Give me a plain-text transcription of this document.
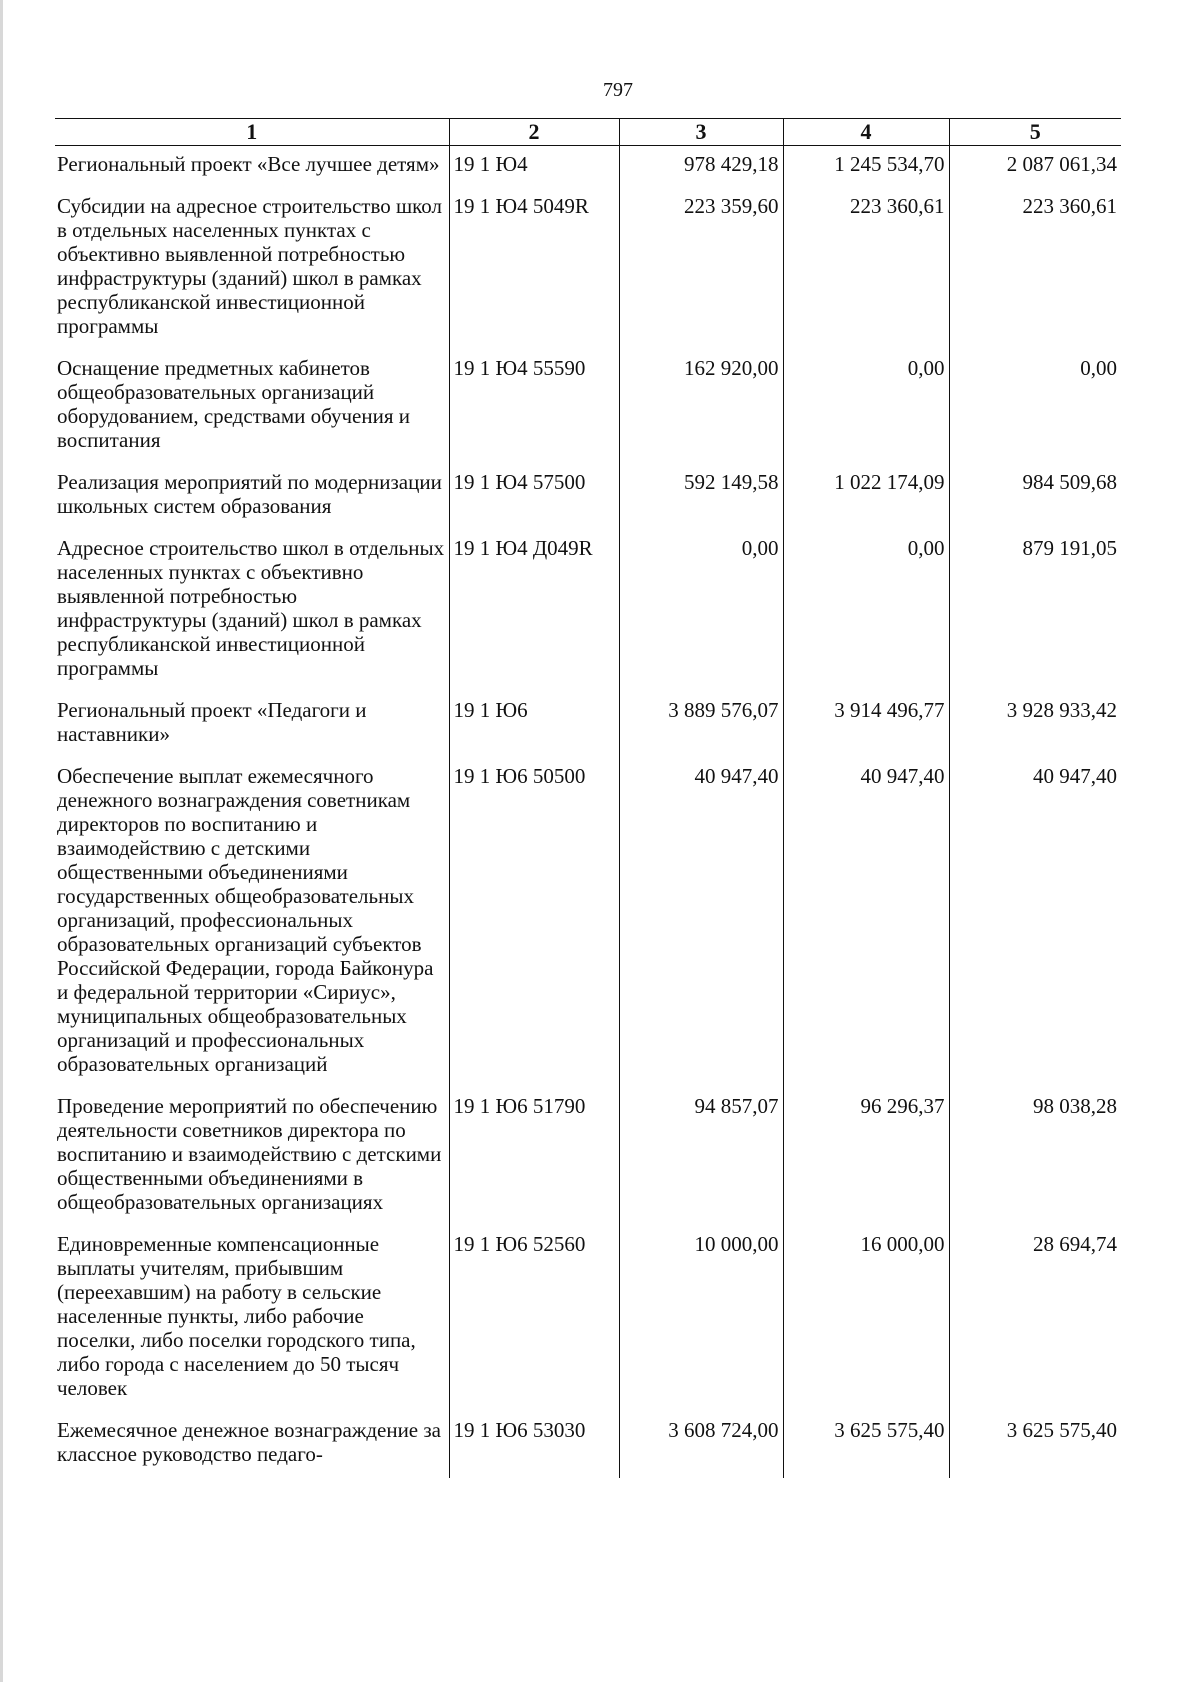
797
1	2	3	4	5
Региональный проект «Все лучшее детям»	19 1 Ю4	978 429,18	1 245 534,70	2 087 061,34
Субсидии на адресное строительство школ в отдельных населенных пунктах с объективно выявленной потребностью инфраструктуры (зданий) школ в рамках республиканской инвестиционной программы	19 1 Ю4 5049R	223 359,60	223 360,61	223 360,61
Оснащение предметных кабинетов общеобразовательных организаций оборудованием, средствами обучения и воспитания	19 1 Ю4 55590	162 920,00	0,00	0,00
Реализация мероприятий по модернизации школьных систем образования	19 1 Ю4 57500	592 149,58	1 022 174,09	984 509,68
Адресное строительство школ в отдельных населенных пунктах с объективно выявленной потребностью инфраструктуры (зданий) школ в рамках республиканской инвестиционной программы	19 1 Ю4 Д049R	0,00	0,00	879 191,05
Региональный проект «Педагоги и наставники»	19 1 Ю6	3 889 576,07	3 914 496,77	3 928 933,42
Обеспечение выплат ежемесячного денежного вознаграждения советникам директоров по воспитанию и взаимодействию с детскими общественными объединениями государственных общеобразовательных организаций, профессиональных образовательных организаций субъектов Российской Федерации, города Байконура и федеральной территории «Сириус», муниципальных общеобразовательных организаций и профессиональных образовательных организаций	19 1 Ю6 50500	40 947,40	40 947,40	40 947,40
Проведение мероприятий по обеспечению деятельности советников директора по воспитанию и взаимодействию с детскими общественными объединениями в общеобразовательных организациях	19 1 Ю6 51790	94 857,07	96 296,37	98 038,28
Единовременные компенсационные выплаты учителям, прибывшим (переехавшим) на работу в сельские населенные пункты, либо рабочие поселки, либо поселки городского типа, либо города с населением до 50 тысяч человек	19 1 Ю6 52560	10 000,00	16 000,00	28 694,74
Ежемесячное денежное вознаграждение за классное руководство педаго-	19 1 Ю6 53030	3 608 724,00	3 625 575,40	3 625 575,40
